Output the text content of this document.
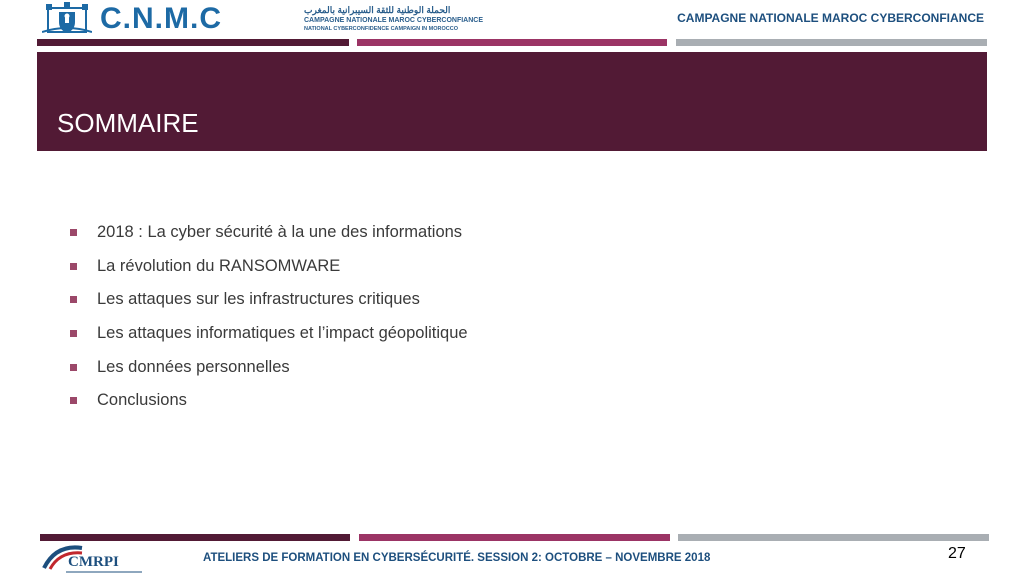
C.N.M.C	الحملة الوطنية للثقة السيبرانية بالمغرب
CAMPAGNE NATIONALE MAROC CYBERCONFIANCE
NATIONAL CYBERCONFIDENCE CAMPAIGN IN MOROCCO
CAMPAGNE NATIONALE MAROC CYBERCONFIANCE
SOMMAIRE
2018 : La cyber sécurité à la une des informations
La révolution du RANSOMWARE
Les attaques sur les infrastructures critiques
Les attaques informatiques et l’impact géopolitique
Les données personnelles
Conclusions
CMRPI	ATELIERS DE FORMATION EN CYBERSÉCURITÉ. SESSION 2: OCTOBRE – NOVEMBRE 2018	27
